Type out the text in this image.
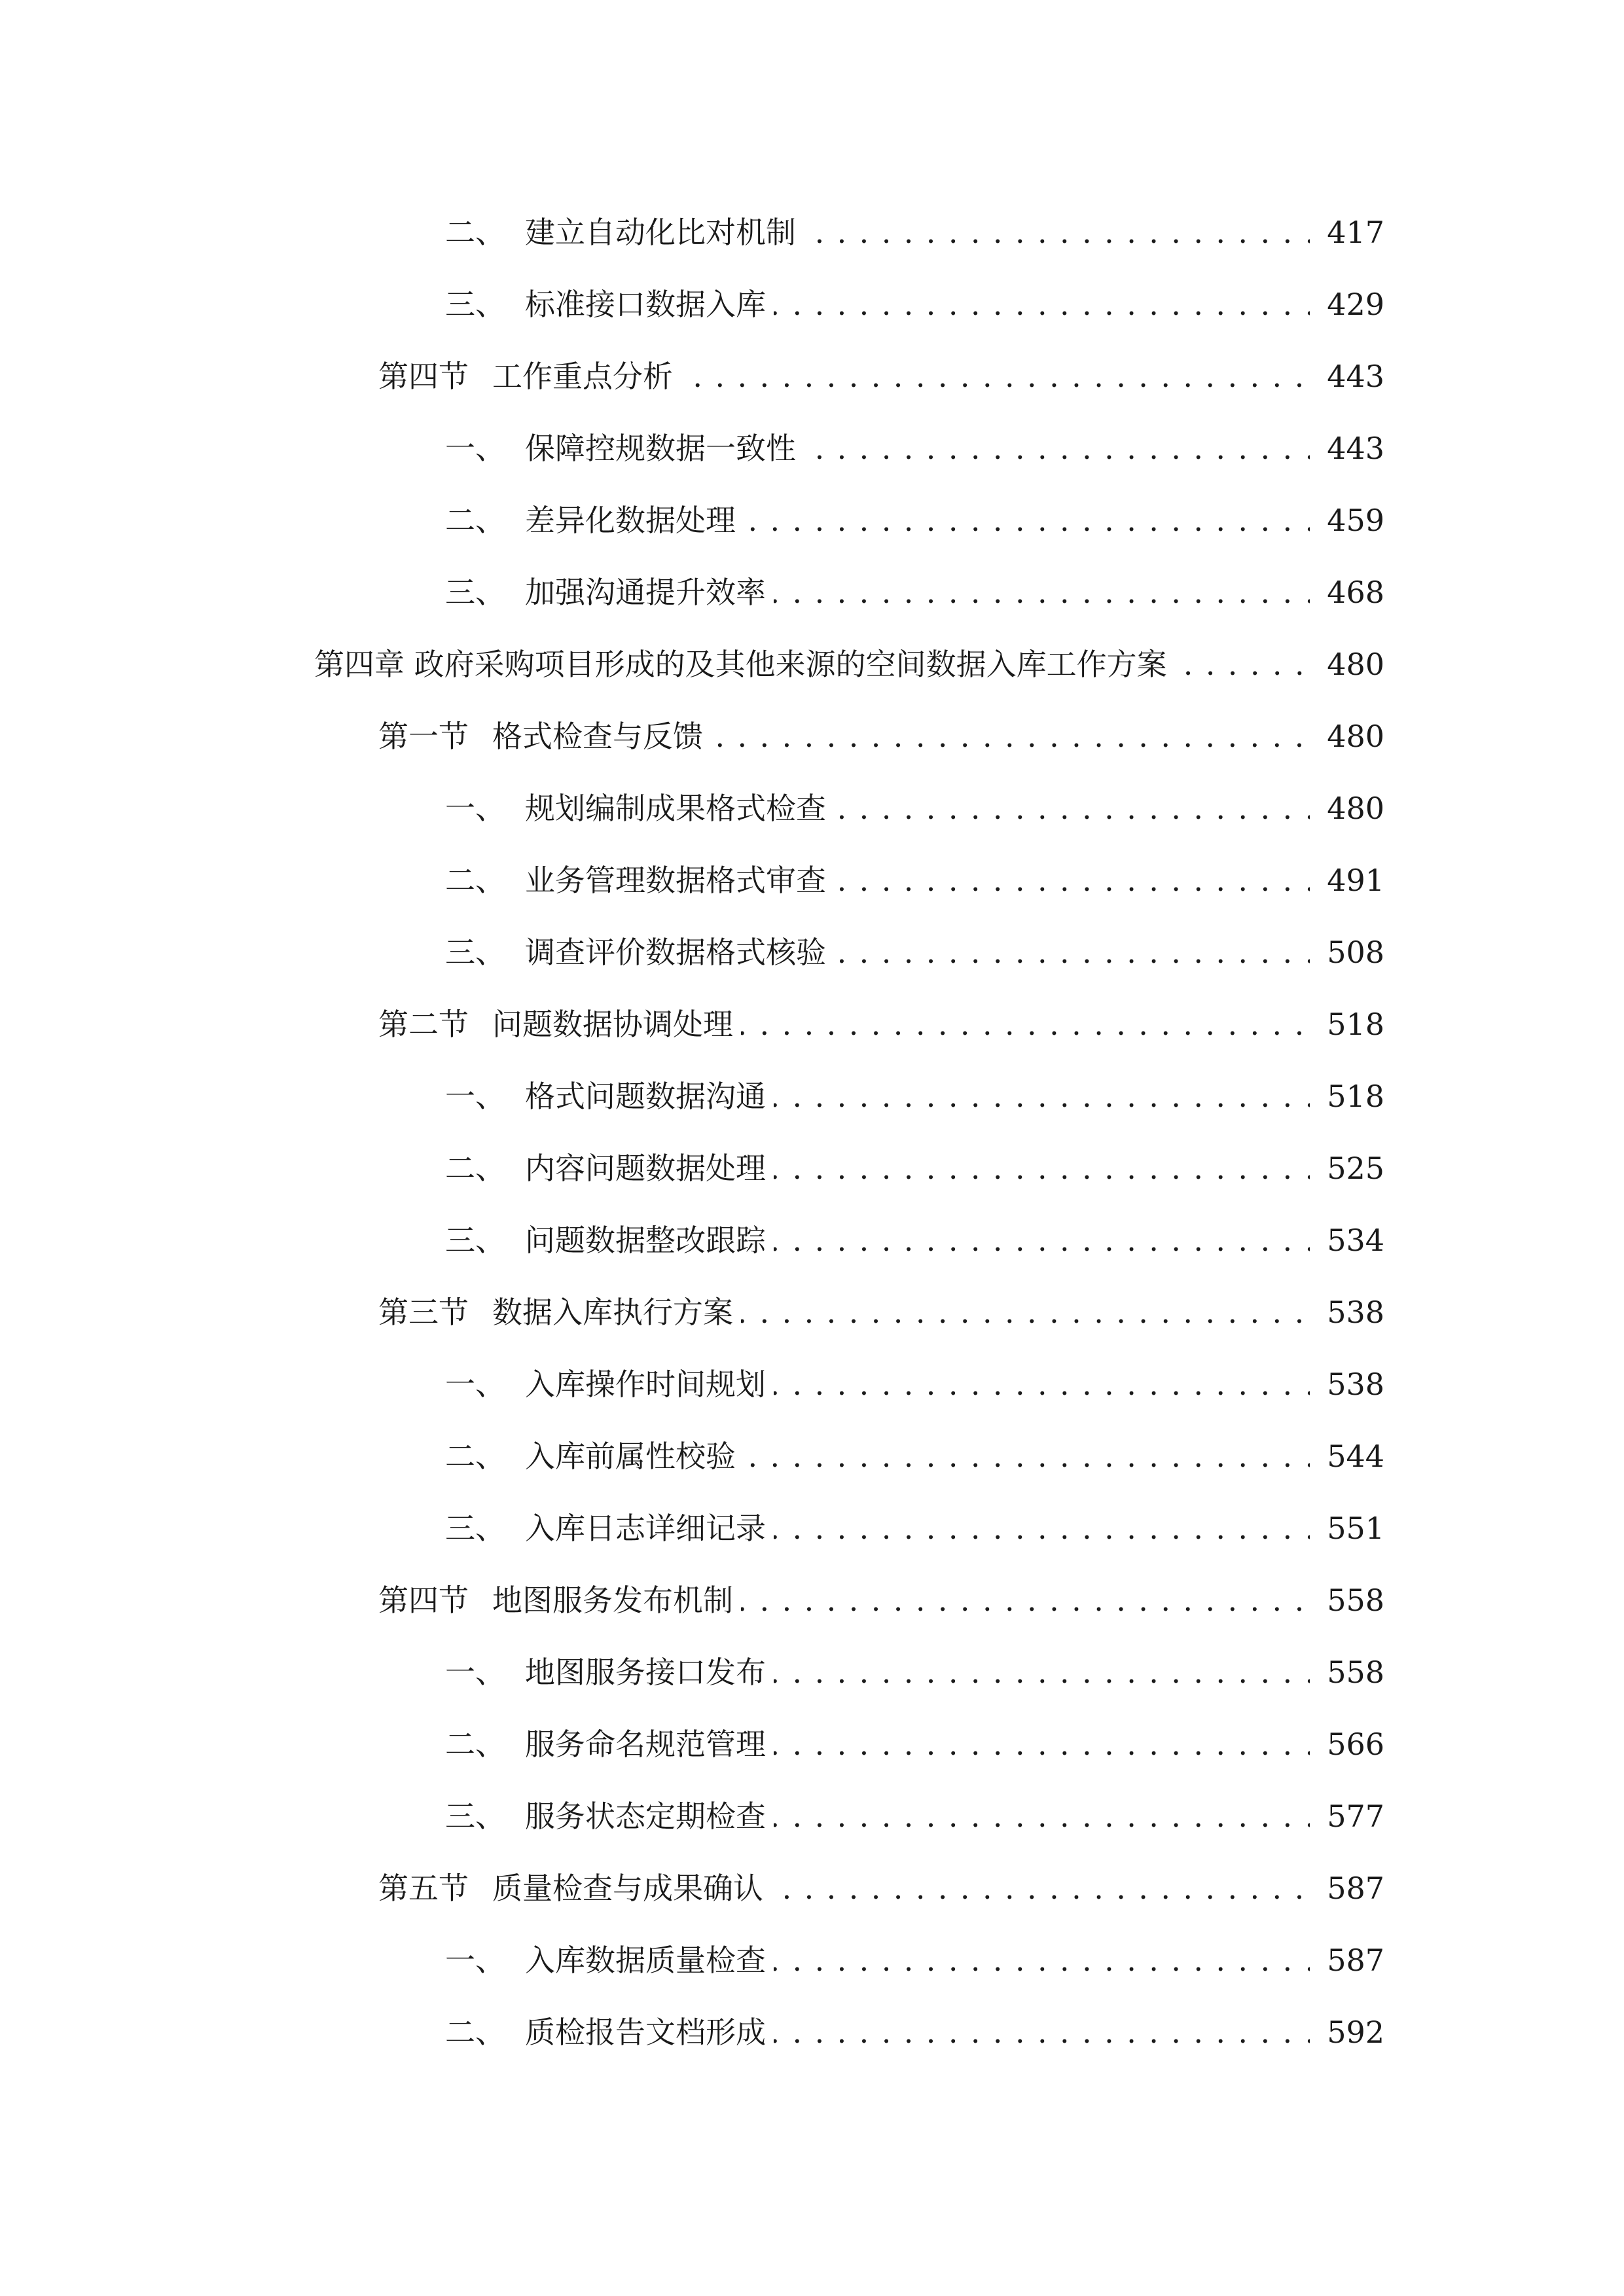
二、 建立自动化比对机制 . . .	417
三、 标准接口数据入库 . . .	429
第四节 工作重点分析 . . .	443
一、 保障控规数据一致性 . . .	443
二、 差异化数据处理 . . .	459
三、 加强沟通提升效率 . . .	468
第四章 政府采购项目形成的及其他来源的空间数据入库工作方案 . . .	480
第一节 格式检查与反馈 . . .	480
一、 规划编制成果格式检查 . . .	480
二、 业务管理数据格式审查 . . .	491
三、 调查评价数据格式核验 . . .	508
第二节 问题数据协调处理 . . .	518
一、 格式问题数据沟通 . . .	518
二、 内容问题数据处理 . . .	525
三、 问题数据整改跟踪 . . .	534
第三节 数据入库执行方案 . . .	538
一、 入库操作时间规划 . . .	538
二、 入库前属性校验 . . .	544
三、 入库日志详细记录 . . .	551
第四节 地图服务发布机制 . . .	558
一、 地图服务接口发布 . . .	558
二、 服务命名规范管理 . . .	566
三、 服务状态定期检查 . . .	577
第五节 质量检查与成果确认 . . .	587
一、 入库数据质量检查 . . .	587
二、 质检报告文档形成 . . .	592
